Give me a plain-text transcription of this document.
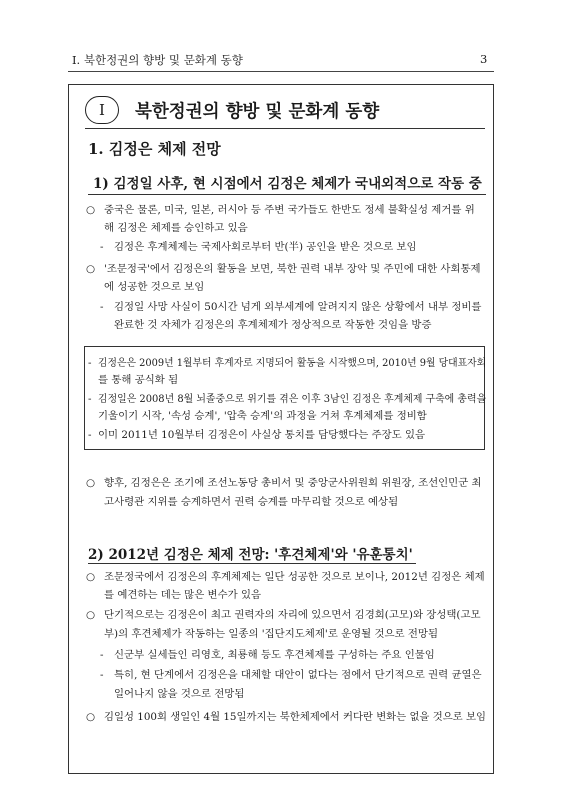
I. 북한정권의 향방 및 문화계 동향	3
I	북한정권의 향방 및 문화계 동향
1. 김정은 체제 전망
1) 김정일 사후, 현 시점에서 김정은 체제가 국내외적으로 작동 중
○ 중국은 물론, 미국, 일본, 러시아 등 주변 국가들도 한반도 정세 불확실성 제거를 위
해 김정은 체제를 승인하고 있음
- 김정은 후계체제는 국제사회로부터 반(半) 공인을 받은 것으로 보임
○ '조문정국'에서 김정은의 활동을 보면, 북한 권력 내부 장악 및 주민에 대한 사회통제
에 성공한 것으로 보임
- 김정일 사망 사실이 50시간 넘게 외부세계에 알려지지 않은 상황에서 내부 정비를
완료한 것 자체가 김정은의 후계체제가 정상적으로 작동한 것임을 방증
- 김정은은 2009년 1월부터 후계자로 지명되어 활동을 시작했으며, 2010년 9월 당대표자회
를 통해 공식화 됨
- 김정일은 2008년 8월 뇌졸중으로 위기를 겪은 이후 3남인 김정은 후계체제 구축에 총력을
기울이기 시작, '속성 승계', '압축 승계'의 과정을 거쳐 후계체제를 정비함
- 이미 2011년 10월부터 김정은이 사실상 통치를 담당했다는 주장도 있음
○ 향후, 김정은은 조기에 조선노동당 총비서 및 중앙군사위원회 위원장, 조선인민군 최
고사령관 지위를 승계하면서 권력 승계를 마무리할 것으로 예상됨
2) 2012년 김정은 체제 전망: '후견체제'와 '유훈통치'
○ 조문정국에서 김정은의 후계체제는 일단 성공한 것으로 보이나, 2012년 김정은 체제
를 예견하는 데는 많은 변수가 있음
○ 단기적으로는 김정은이 최고 권력자의 자리에 있으면서 김경희(고모)와 장성택(고모
부)의 후견체제가 작동하는 일종의 '집단지도체제'로 운영될 것으로 전망됨
- 신군부 실세들인 리영호, 최룡해 등도 후견체제를 구성하는 주요 인물임
- 특히, 현 단계에서 김정은을 대체할 대안이 없다는 점에서 단기적으로 권력 균열은
일어나지 않을 것으로 전망됨
○ 김일성 100회 생일인 4월 15일까지는 북한체제에서 커다란 변화는 없을 것으로 보임
